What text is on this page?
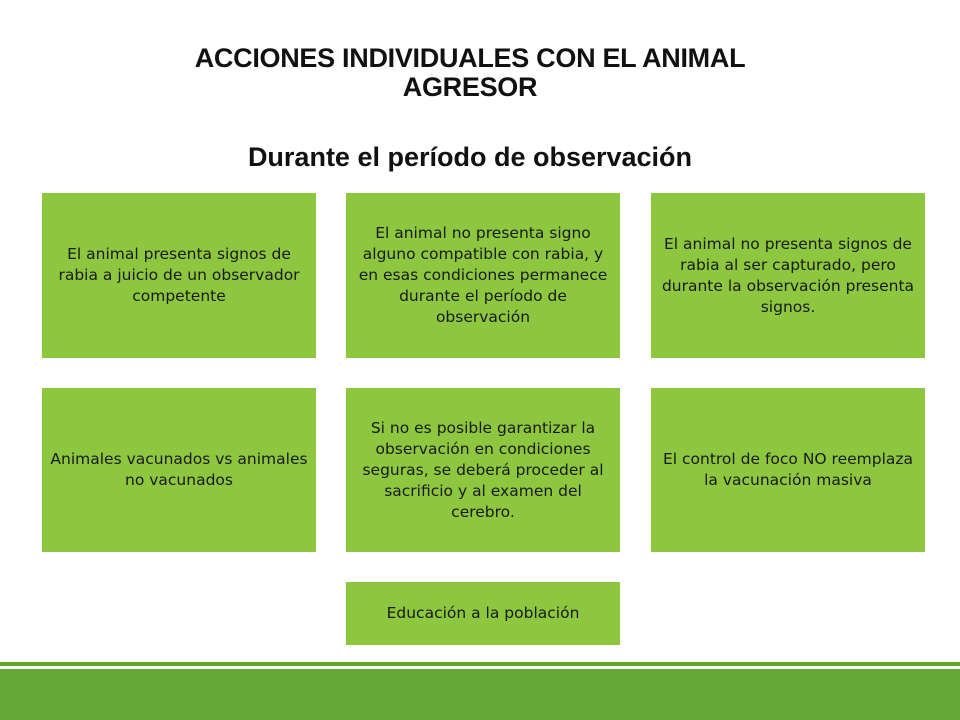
ACCIONES INDIVIDUALES CON EL ANIMAL AGRESOR
Durante el período de observación
El animal presenta signos de rabia a juicio de un observador competente
El animal no presenta signo alguno compatible con rabia, y en esas condiciones permanece durante el período de observación
El animal no presenta signos de rabia al ser capturado, pero durante la observación presenta signos.
Animales vacunados vs animales no vacunados
Si no es posible garantizar la observación en condiciones seguras, se deberá proceder al sacrificio y al examen del cerebro.
El control de foco NO reemplaza la vacunación masiva
Educación a la población
